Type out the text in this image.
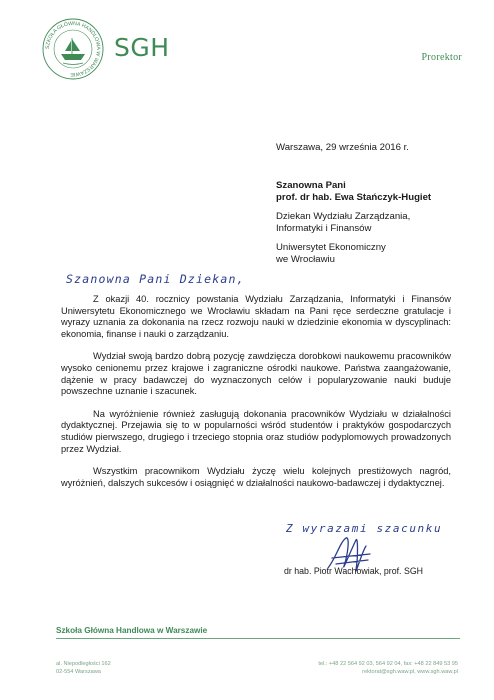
SZKOŁA GŁÓWNA HANDLOWA W WARSZAWIE
SGH	Prorektor
Warszawa, 29 września 2016 r.
Szanowna Pani
prof. dr hab. Ewa Stańczyk-Hugiet
Dziekan Wydziału Zarządzania,
Informatyki i Finansów
Uniwersytet Ekonomiczny
we Wrocławiu
Szanowna Pani Dziekan,

Z okazji 40. rocznicy powstania Wydziału Zarządzania, Informatyki i Finansów Uniwersytetu Ekonomicznego we Wrocławiu składam na Pani ręce serdeczne gratulacje i wyrazy uznania za dokonania na rzecz rozwoju nauki w dziedzinie ekonomia w dyscyplinach: ekonomia, finanse i nauki o zarządzaniu.

Wydział swoją bardzo dobrą pozycję zawdzięcza dorobkowi naukowemu pracowników wysoko cenionemu przez krajowe i zagraniczne ośrodki naukowe. Państwa zaangażowanie, dążenie w pracy badawczej do wyznaczonych celów i popularyzowanie nauki buduje powszechne uznanie i szacunek.

Na wyróżnienie również zasługują dokonania pracowników Wydziału w działalności dydaktycznej. Przejawia się to w popularności wśród studentów i praktyków gospodarczych studiów pierwszego, drugiego i trzeciego stopnia oraz studiów podyplomowych prowadzonych przez Wydział.

Wszystkim pracownikom Wydziału życzę wielu kolejnych prestiżowych nagród, wyróżnień, dalszych sukcesów i osiągnięć w działalności naukowo-badawczej i dydaktycznej.

Z wyrazami szacunku
dr hab. Piotr Wachowiak, prof. SGH
Szkoła Główna Handlowa w Warszawie
al. Niepodległości 162
02-554 Warszawa
tel.: +48 22 564 92 03, 564 92 04, fax: +48 22 849 53 95
rektorat@sgh.waw.pl, www.sgh.waw.pl
